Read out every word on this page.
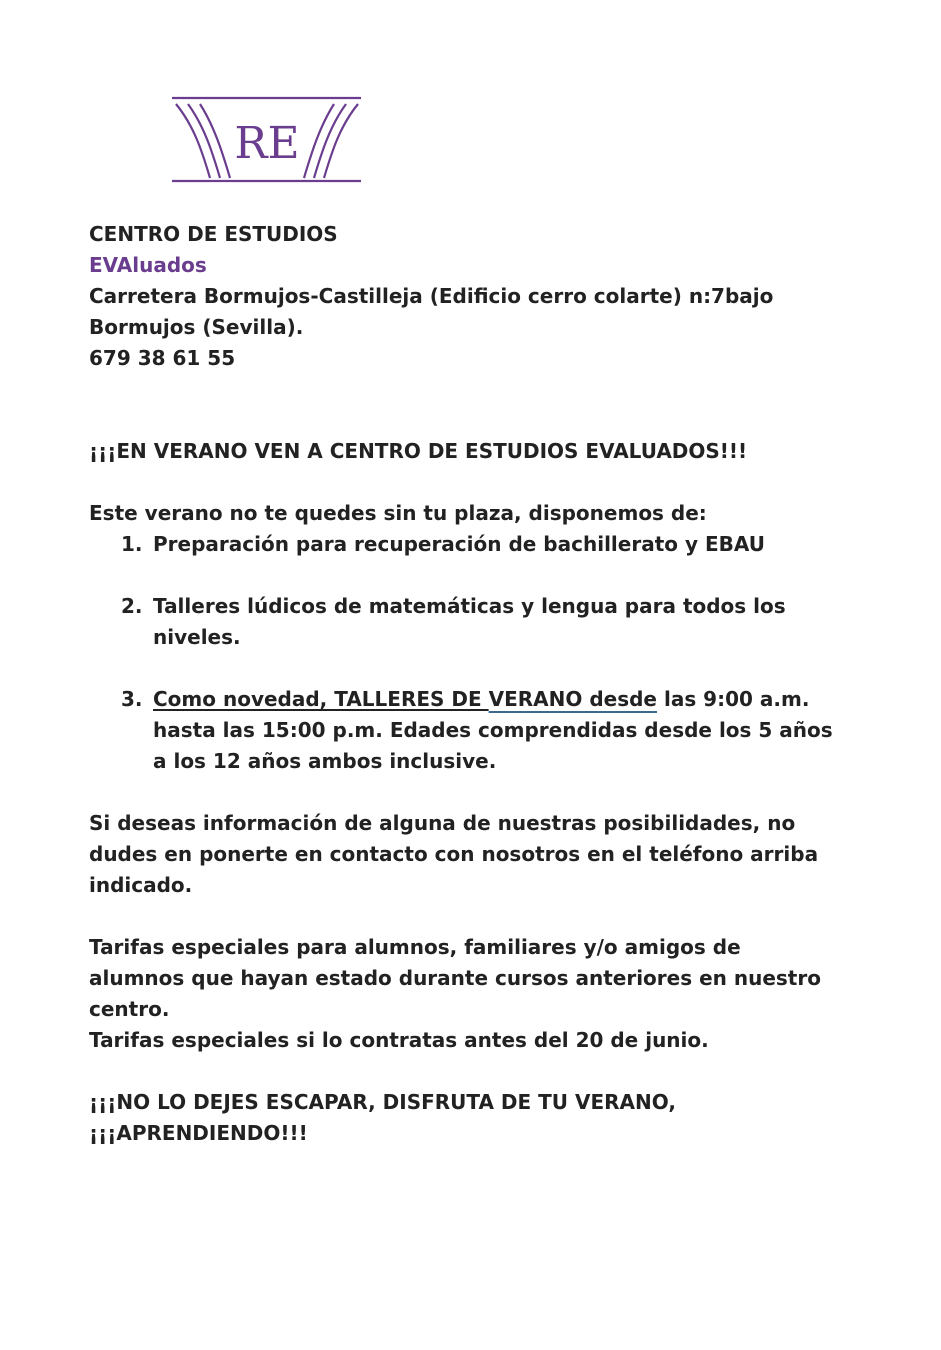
RE
CENTRO DE ESTUDIOS
EVAluados
Carretera Bormujos-Castilleja (Edificio cerro colarte) n:7bajo
Bormujos (Sevilla).
679 38 61 55
¡¡¡EN VERANO VEN A CENTRO DE ESTUDIOS EVALUADOS!!!
Este verano no te quedes sin tu plaza, disponemos de:
1. Preparación para recuperación de bachillerato y EBAU
2. Talleres lúdicos de matemáticas y lengua para todos los
niveles.
3. Como novedad, TALLERES DE VERANO desde las 9:00 a.m.
hasta las 15:00 p.m. Edades comprendidas desde los 5 años
a los 12 años ambos inclusive.
Si deseas información de alguna de nuestras posibilidades, no
dudes en ponerte en contacto con nosotros en el teléfono arriba
indicado.
Tarifas especiales para alumnos, familiares y/o amigos de
alumnos que hayan estado durante cursos anteriores en nuestro
centro.
Tarifas especiales si lo contratas antes del 20 de junio.
¡¡¡NO LO DEJES ESCAPAR, DISFRUTA DE TU VERANO,
¡¡¡APRENDIENDO!!!
